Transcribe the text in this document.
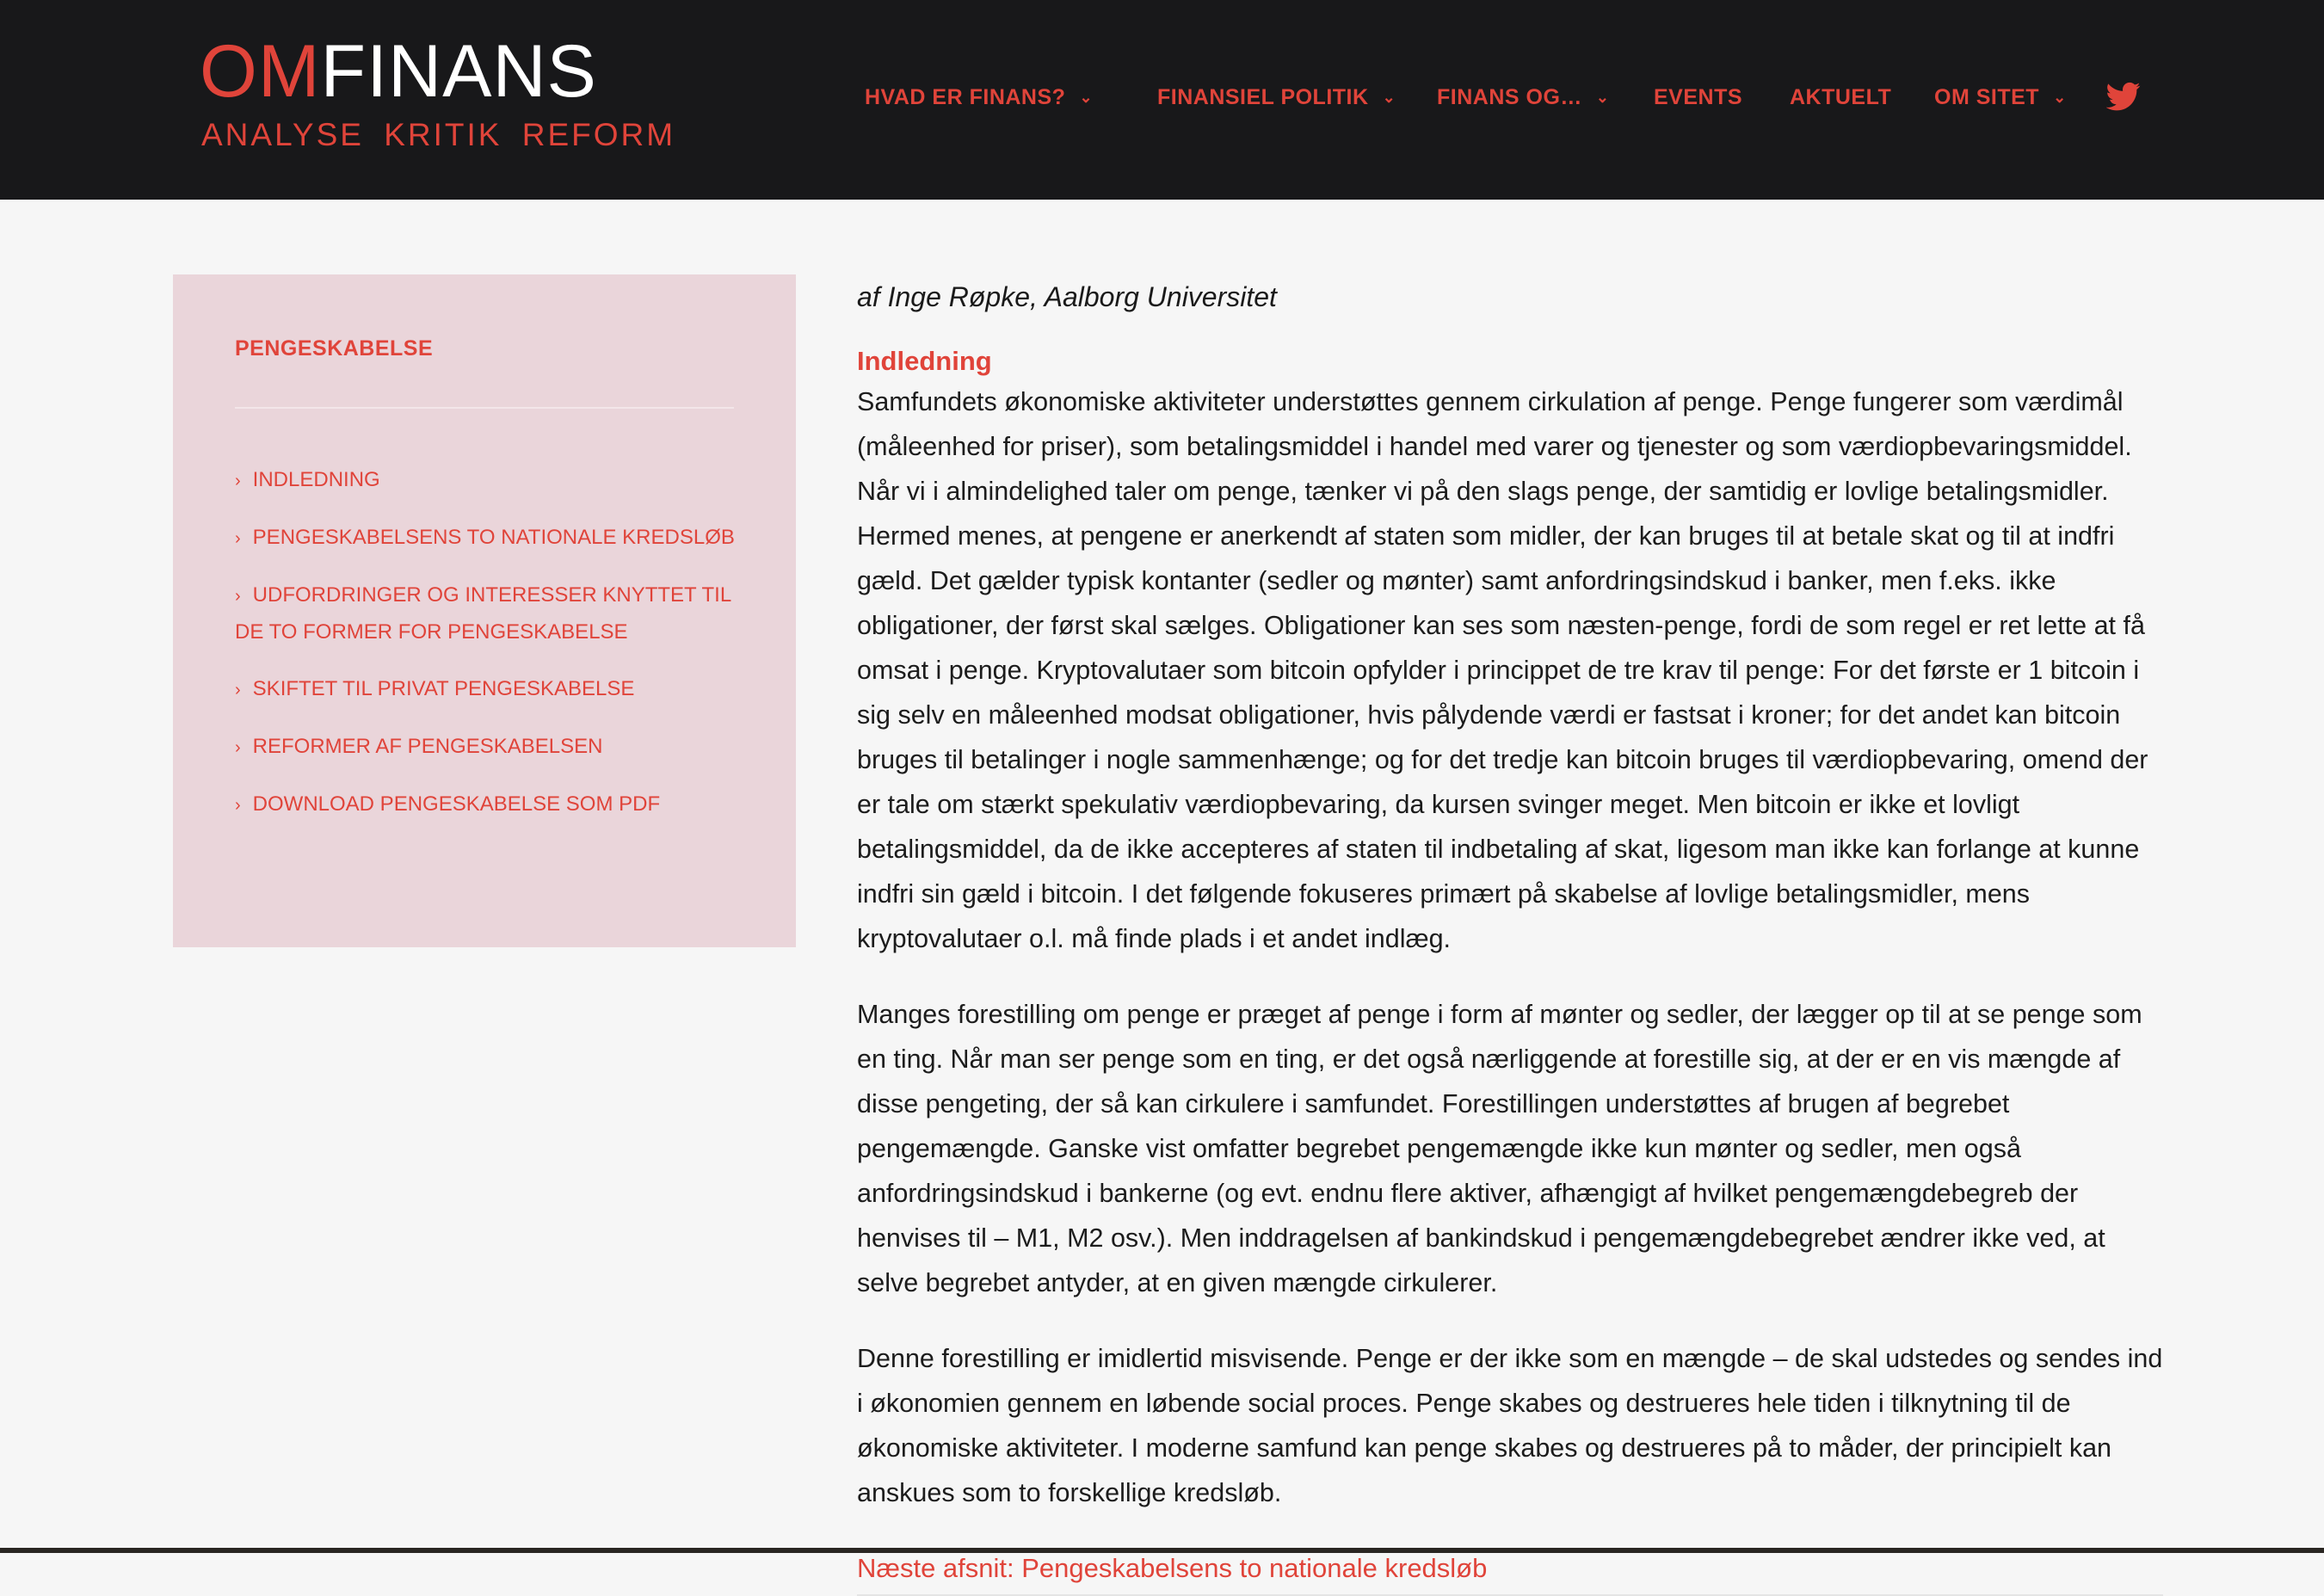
OMFINANS
ANALYSE KRITIK REFORM
HVAD ER FINANS? ⌄	FINANSIEL POLITIK ⌄ FINANS OG… ⌄ EVENTS AKTUELT OM SITET ⌄
PENGESKABELSE
› INDLEDNING
› PENGESKABELSENS TO NATIONALE KREDSLØB
› UDFORDRINGER OG INTERESSER KNYTTET TIL DE TO FORMER FOR PENGESKABELSE
› SKIFTET TIL PRIVAT PENGESKABELSE
› REFORMER AF PENGESKABELSEN
› DOWNLOAD PENGESKABELSE SOM PDF

af Inge Røpke, Aalborg Universitet

Indledning

Samfundets økonomiske aktiviteter understøttes gennem cirkulation af penge. Penge fungerer som værdimål (måleenhed for priser), som betalingsmiddel i handel med varer og tjenester og som værdiopbevaringsmiddel. Når vi i almindelighed taler om penge, tænker vi på den slags penge, der samtidig er lovlige betalingsmidler. Hermed menes, at pengene er anerkendt af staten som midler, der kan bruges til at betale skat og til at indfri gæld. Det gælder typisk kontanter (sedler og mønter) samt anfordringsindskud i banker, men f.eks. ikke obligationer, der først skal sælges. Obligationer kan ses som næsten-penge, fordi de som regel er ret lette at få omsat i penge. Kryptovalutaer som bitcoin opfylder i princippet de tre krav til penge: For det første er 1 bitcoin i sig selv en måleenhed modsat obligationer, hvis pålydende værdi er fastsat i kroner; for det andet kan bitcoin bruges til betalinger i nogle sammenhænge; og for det tredje kan bitcoin bruges til værdiopbevaring, omend der er tale om stærkt spekulativ værdiopbevaring, da kursen svinger meget. Men bitcoin er ikke et lovligt betalingsmiddel, da de ikke accepteres af staten til indbetaling af skat, ligesom man ikke kan forlange at kunne indfri sin gæld i bitcoin. I det følgende fokuseres primært på skabelse af lovlige betalingsmidler, mens kryptovalutaer o.l. må finde plads i et andet indlæg.

Manges forestilling om penge er præget af penge i form af mønter og sedler, der lægger op til at se penge som en ting. Når man ser penge som en ting, er det også nærliggende at forestille sig, at der er en vis mængde af disse pengeting, der så kan cirkulere i samfundet. Forestillingen understøttes af brugen af begrebet pengemængde. Ganske vist omfatter begrebet pengemængde ikke kun mønter og sedler, men også anfordringsindskud i bankerne (og evt. endnu flere aktiver, afhængigt af hvilket pengemængdebegreb der henvises til – M1, M2 osv.). Men inddragelsen af bankindskud i pengemængdebegrebet ændrer ikke ved, at selve begrebet antyder, at en given mængde cirkulerer.

Denne forestilling er imidlertid misvisende. Penge er der ikke som en mængde – de skal udstedes og sendes ind i økonomien gennem en løbende social proces. Penge skabes og destrueres hele tiden i tilknytning til de økonomiske aktiviteter. I moderne samfund kan penge skabes og destrueres på to måder, der principielt kan anskues som to forskellige kredsløb.

Næste afsnit: Pengeskabelsens to nationale kredsløb
